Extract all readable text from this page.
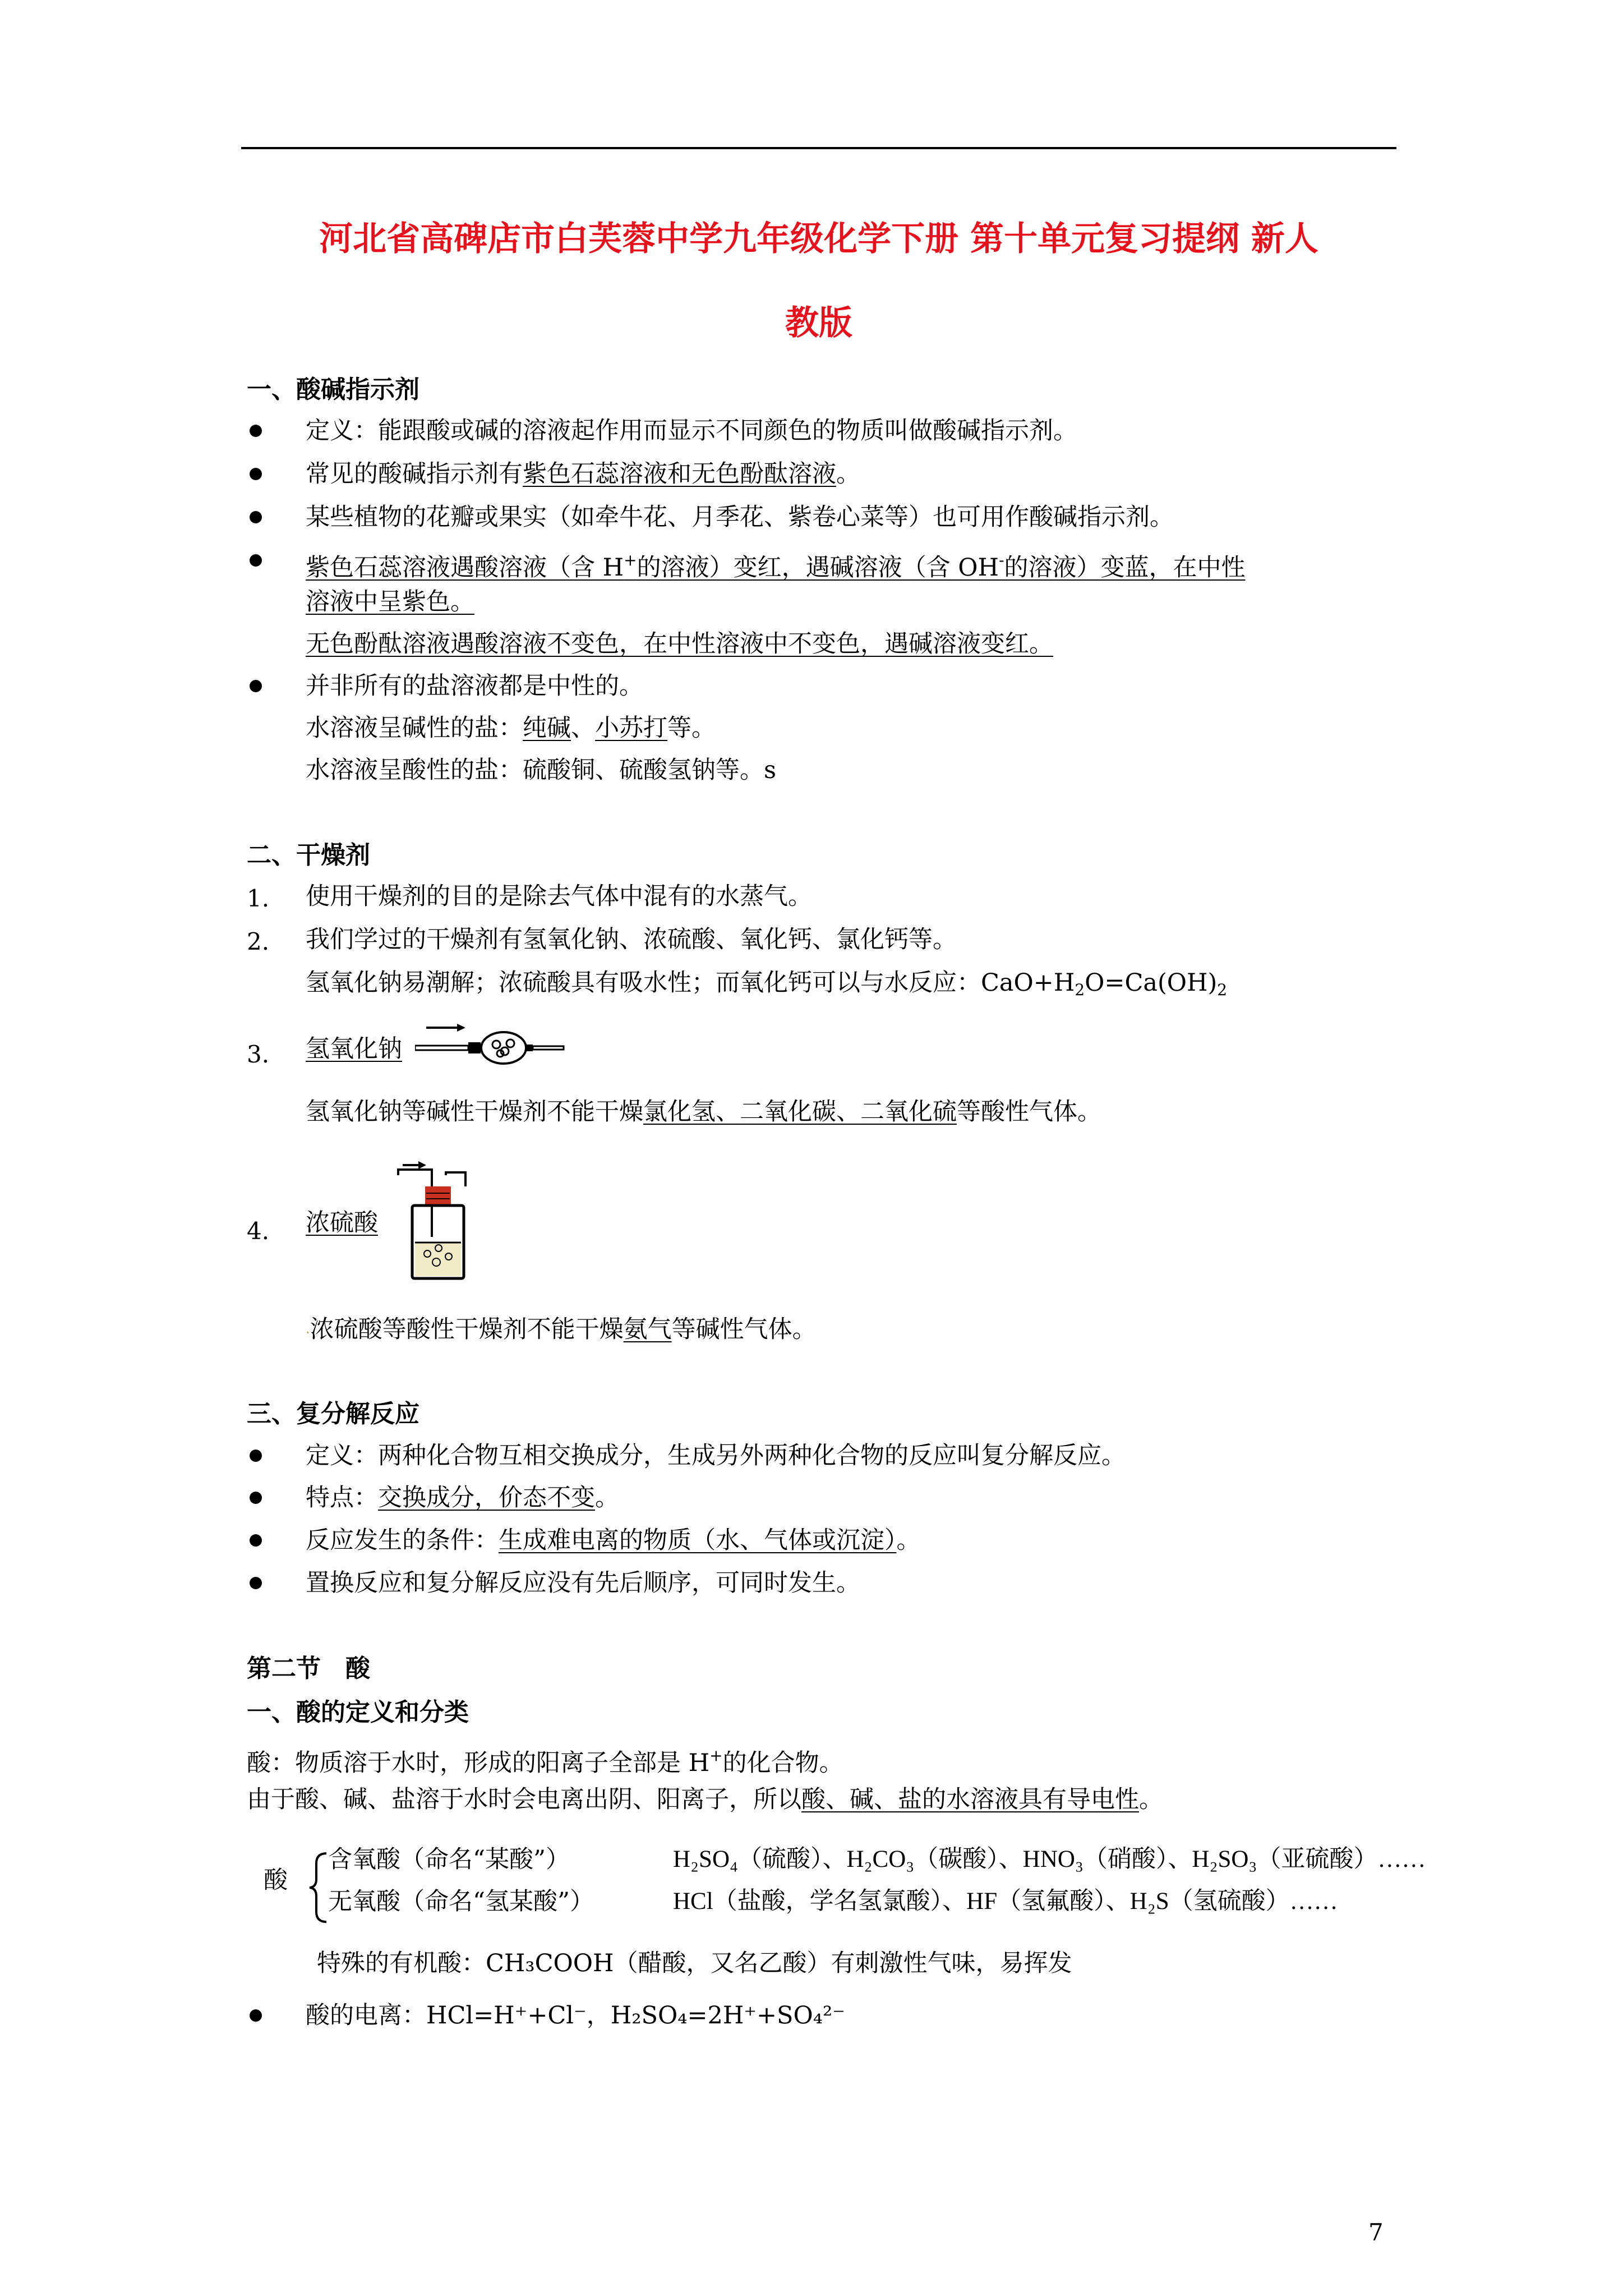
河北省高碑店市白芙蓉中学九年级化学下册 第十单元复习提纲 新人
教版
一、酸碱指示剂
定义：能跟酸或碱的溶液起作用而显示不同颜色的物质叫做酸碱指示剂。
常见的酸碱指示剂有紫色石蕊溶液和无色酚酞溶液。
某些植物的花瓣或果实（如牵牛花、月季花、紫卷心菜等）也可用作酸碱指示剂。
紫色石蕊溶液遇酸溶液（含 H+的溶液）变红，遇碱溶液（含 OH-的溶液）变蓝，在中性
溶液中呈紫色。
无色酚酞溶液遇酸溶液不变色，在中性溶液中不变色，遇碱溶液变红。
并非所有的盐溶液都是中性的。
水溶液呈碱性的盐：纯碱、小苏打等。
水溶液呈酸性的盐：硫酸铜、硫酸氢钠等。s
二、干燥剂
1. 使用干燥剂的目的是除去气体中混有的水蒸气。
2. 我们学过的干燥剂有氢氧化钠、浓硫酸、氧化钙、氯化钙等。
氢氧化钠易潮解；浓硫酸具有吸水性；而氧化钙可以与水反应：$CaO+H_2O=Ca(OH)_2$
3. 氢氧化钠
氢氧化钠等碱性干燥剂不能干燥氯化氢、二氧化碳、二氧化硫等酸性气体。
4. 浓硫酸
·浓硫酸等酸性干燥剂不能干燥氨气等碱性气体。
三、复分解反应
定义：两种化合物互相交换成分，生成另外两种化合物的反应叫复分解反应。
特点：交换成分，价态不变。
反应发生的条件：生成难电离的物质（水、气体或沉淀）。
置换反应和复分解反应没有先后顺序，可同时发生。
第二节　酸
一、酸的定义和分类
酸：物质溶于水时，形成的阳离子全部是 H+的化合物。
由于酸、碱、盐溶于水时会电离出阴、阳离子，所以酸、碱、盐的水溶液具有导电性。
酸
含氧酸（命名“某酸”）	H₂SO₄（硫酸）、H₂CO₃（碳酸）、HNO₃（硝酸）、H₂SO₃（亚硫酸）……
无氧酸（命名“氢某酸”）	HCl（盐酸，学名氢氯酸）、HF（氢氟酸）、H₂S（氢硫酸）……
特殊的有机酸：CH₃COOH（醋酸，又名乙酸）有刺激性气味，易挥发
酸的电离：HCl=H⁺+Cl⁻，H₂SO₄=2H⁺+SO₄²⁻
7
